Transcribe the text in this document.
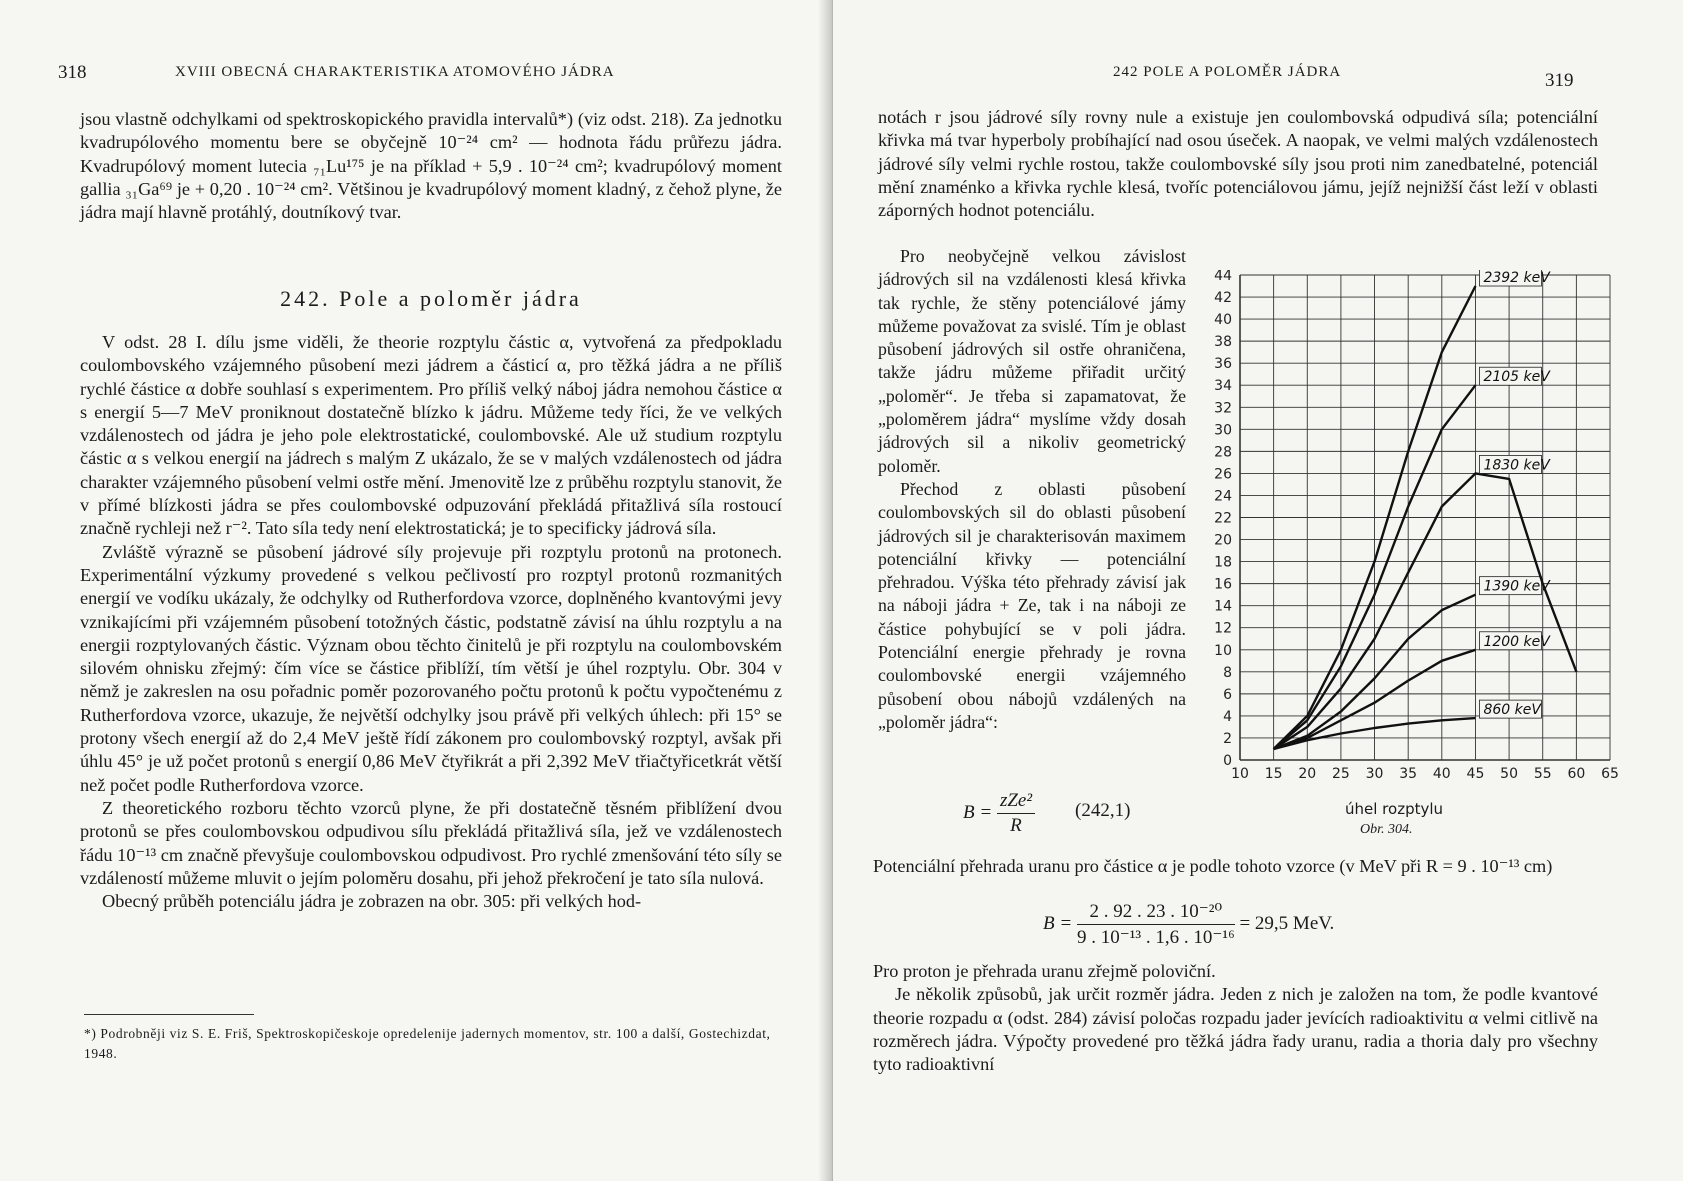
318	XVIII OBECNÁ CHARAKTERISTIKA ATOMOVÉHO JÁDRA

jsou vlastně odchylkami od spektroskopického pravidla intervalů*) (viz odst. 218). Za jednotku kvadrupólového momentu bere se obyčejně 10⁻²⁴ cm² — hodnota řádu průřezu jádra. Kvadrupólový moment lutecia ₇₁Lu¹⁷⁵ je na příklad + 5,9 . 10⁻²⁴ cm²; kvadrupólový moment gallia ₃₁Ga⁶⁹ je + 0,20 . 10⁻²⁴ cm². Většinou je kvadrupólový moment kladný, z čehož plyne, že jádra mají hlavně protáhlý, doutníkový tvar.

242. Pole a poloměr jádra

V odst. 28 I. dílu jsme viděli, že theorie rozptylu částic α, vytvořená za předpokladu coulombovského vzájemného působení mezi jádrem a částicí α, pro těžká jádra a ne příliš rychlé částice α dobře souhlasí s experimentem. Pro příliš velký náboj jádra nemohou částice α s energií 5—7 MeV proniknout dostatečně blízko k jádru. Můžeme tedy říci, že ve velkých vzdálenostech od jádra je jeho pole elektrostatické, coulombovské. Ale už studium rozptylu částic α s velkou energií na jádrech s malým Z ukázalo, že se v malých vzdálenostech od jádra charakter vzájemného působení velmi ostře mění. Jmenovitě lze z průběhu rozptylu stanovit, že v přímé blízkosti jádra se přes coulombovské odpuzování překládá přitažlivá síla rostoucí značně rychleji než r⁻². Tato síla tedy není elektrostatická; je to specificky jádrová síla.

Zvláště výrazně se působení jádrové síly projevuje při rozptylu protonů na protonech. Experimentální výzkumy provedené s velkou pečlivostí pro rozptyl protonů rozmanitých energií ve vodíku ukázaly, že odchylky od Rutherfordova vzorce, doplněného kvantovými jevy vznikajícími při vzájemném působení totožných částic, podstatně závisí na úhlu rozptylu a na energii rozptylovaných částic. Význam obou těchto činitelů je při rozptylu na coulombovském silovém ohnisku zřejmý: čím více se částice přiblíží, tím větší je úhel rozptylu. Obr. 304 v němž je zakreslen na osu pořadnic poměr pozorovaného počtu protonů k počtu vypočtenému z Rutherfordova vzorce, ukazuje, že největší odchylky jsou právě při velkých úhlech: při 15° se protony všech energií až do 2,4 MeV ještě řídí zákonem pro coulombovský rozptyl, avšak při úhlu 45° je už počet protonů s energií 0,86 MeV čtyřikrát a při 2,392 MeV třiačtyřicetkrát větší než počet podle Rutherfordova vzorce.

Z theoretického rozboru těchto vzorců plyne, že při dostatečně těsném přiblížení dvou protonů se přes coulombovskou odpudivou sílu překládá přitažlivá síla, jež ve vzdálenostech řádu 10⁻¹³ cm značně převyšuje coulombovskou odpudivost. Pro rychlé zmenšování této síly se vzdáleností můžeme mluvit o jejím poloměru dosahu, při jehož překročení je tato síla nulová.

Obecný průběh potenciálu jádra je zobrazen na obr. 305: při velkých hod-

*) Podrobněji viz S. E. Friš, Spektroskopičeskoje opredelenije jadernych momentov, str. 100 a další, Gostechizdat, 1948.
242 POLE A POLOMĚR JÁDRA	319

notách r jsou jádrové síly rovny nule a existuje jen coulombovská odpudivá síla; potenciální křivka má tvar hyperboly probíhající nad osou úseček. A naopak, ve velmi malých vzdálenostech jádrové síly velmi rychle rostou, takže coulombovské síly jsou proti nim zanedbatelné, potenciál mění znaménko a křivka rychle klesá, tvoříc potenciálovou jámu, jejíž nejnižší část leží v oblasti záporných hodnot potenciálu.

Pro neobyčejně velkou závislost jádrových sil na vzdálenosti klesá křivka tak rychle, že stěny potenciálové jámy můžeme považovat za svislé. Tím je oblast působení jádrových sil ostře ohraničena, takže jádru můžeme přiřadit určitý „poloměr“. Je třeba si zapamatovat, že „poloměrem jádra“ myslíme vždy dosah jádrových sil a nikoliv geometrický poloměr.

Přechod z oblasti působení coulombovských sil do oblasti působení jádrových sil je charakterisován maximem potenciální křivky — potenciální přehradou. Výška této přehrady závisí jak na náboji jádra + Ze, tak i na náboji ze částice pohybující se v poli jádra. Potenciální energie přehrady je rovna coulombovské energii vzájemného působení obou nábojů vzdálených na „poloměr jádra“:

$B = \frac{\text{zZe²}}{R} (242,1)$

Potenciální přehrada uranu pro částice α je podle tohoto vzorce (v MeV při R = 9 . 10⁻¹³ cm)

$B = \frac{\text{2 . 92 . 23 . 10⁻²⁰}}{\text{9 . 10⁻¹³ . 1,6 . 10⁻¹⁶}} = 29,5$ MeV.

Pro proton je přehrada uranu zřejmě poloviční.

Je několik způsobů, jak určit rozměr jádra. Jeden z nich je založen na tom, že podle kvantové theorie rozpadu α (odst. 284) závisí poločas rozpadu jader jevících radioaktivitu α velmi citlivě na rozměrech jádra. Výpočty provedené pro těžká jádra řady uranu, radia a thoria daly pro všechny tyto radioaktivní

10 15 20 25 30 35 40 45 50 55 60 65
0
2
4
6
8
10
12
14
16
18
20
22
24
26
28
30
32
34
36
38
40
42
44
860 keV
1200 keV
1390 keV
1830 keV
2105 keV
2392 keV
úhel rozptylu
Obr. 304.
